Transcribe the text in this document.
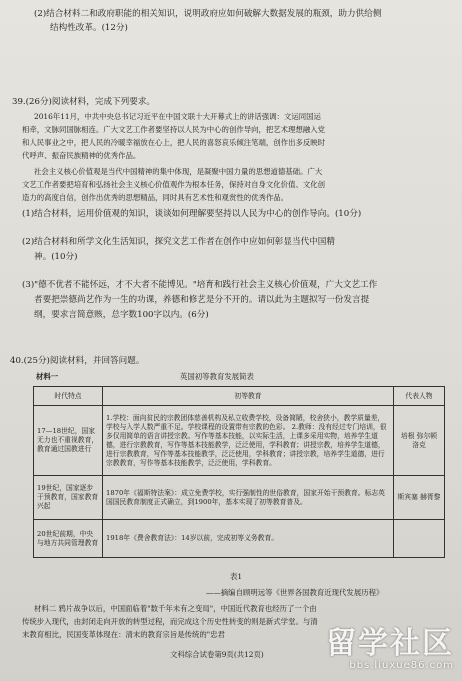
(2)结合材料二和政府职能的相关知识，说明政府应如何破解大数据发展的瓶颈，助力供给侧
结构性改革。(12分)
39.(26分)阅读材料，完成下列要求。
2016年11月，中共中央总书记习近平在中国文联十大开幕式上的讲话强调：文运同国运
相牵，文脉同国脉相连。广大文艺工作者要坚持以人民为中心的创作导向，把艺术理想融入党
和人民事业之中，把人民的冷暖幸福放在心上，把人民的喜怒哀乐倾注笔端，创作出多反映时
代呼声、振奋民族精神的优秀作品。
社会主义核心价值观是当代中国精神的集中体现，是凝聚中国力量的思想道德基础。广大
文艺工作者要把培育和弘扬社会主义核心价值观作为根本任务，保持对自身文化价值、文化创
造力的高度自信，创作出优秀的思想精品，同时具有艺术性和观赏性的优秀作品。
(1)结合材料，运用价值观的知识，谈谈如何理解要坚持以人民为中心的创作导向。(10分)
(2)结合材料和所学文化生活知识，探究文艺工作者在创作中应如何彰显当代中国精
神。(10分)
(3)"德不优者不能怀远，才不大者不能博见。"培育和践行社会主义核心价值观，广大文艺工作
者要把崇德尚艺作为一生的功课，养德和修艺是分不开的。请以此为主题拟写一份发言提
纲，要求言简意赅，总字数100字以内。(6分)
40.(25分)阅读材料，并回答问题。
材料一	英国初等教育发展简表
时代特点	初等教育	代表人物
17—18世纪，国家无力也不重视教育，教育通过国教进行	1.学校：面向贫民的宗教团体慈善机构及私立收费学校，设备简陋，校舍狭小，教学质量差，学校与入学人数严重不足。学校课程的设置带有宗教的色彩。 2.教师：没有经过专门培训，很多仅用简单的语言讲授宗教。写作等基本技能，以实际生活，上课多采用实物，培养学生道德，进行宗教教育，写作等基本技能教学，泛泛使用，学科教育；讲授宗教，培养学生道德，进行宗教教育，写作等基本技能教学，泛泛使用，学科教育；讲授宗教，培养学生道德，进行宗教教育，写作等基本技能教学，泛泛使用，学科教育。	培根 弥尔顿 洛克
19世纪，国家逐步干预教育，国家教育兴起	1870年《福斯特法案》：成立免费学校，实行强制性的世俗教育，国家开始干预教育。标志英国国民教育制度正式确立，到1900年，基本实现了初等教育普及。	斯宾塞 赫胥黎
20世纪前期，中央与地方共同管理教育	1918年《费舍教育法》：14岁以前，完成初等义务教育。	
表1
——摘编自顾明远等《世界各国教育近现代发展历程》
材料二 鸦片战争以后，中国面临着"数千年未有之变局"，中国近代教育也经历了一个由
传统步入现代，由封闭走向开放的转型过程，而完成这个历史性转变的则是新式学堂。与清
末教育相比，民国变革体现在：清末的教育宗旨是传统的"忠君
文科综合试卷第9页(共12页)	留学社区
bbs.liuxue86.com
